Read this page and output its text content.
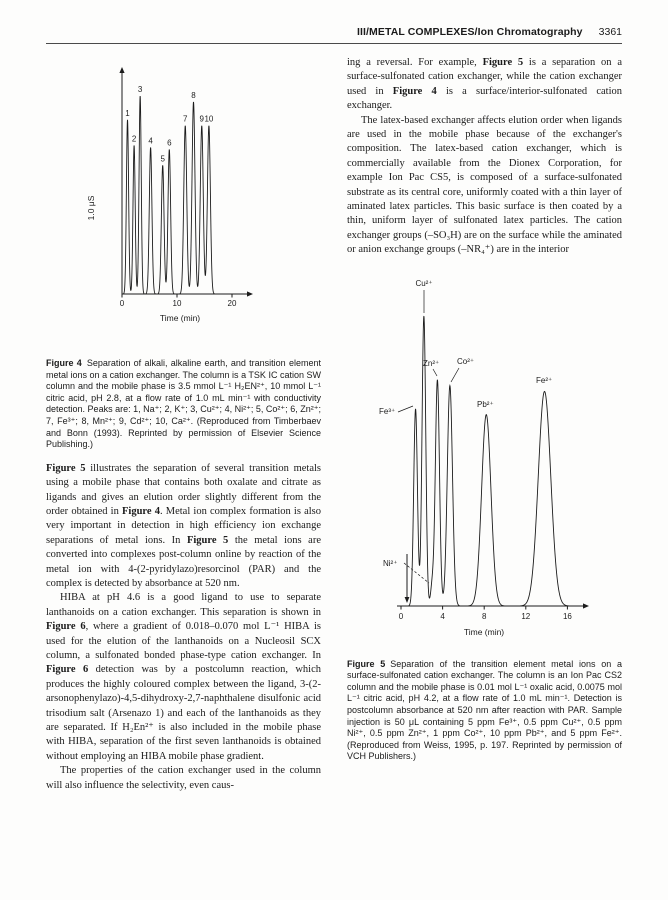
III/METAL COMPLEXES/Ion Chromatography 3361
0	10	20
Time (min)
1.0 μS
1
2
3
4
5
6
7
8
9 10
Figure 4 Separation of alkali, alkaline earth, and transition element metal ions on a cation exchanger. The column is a TSK IC cation SW column and the mobile phase is 3.5 mmol L⁻¹ H₂EN²⁺, 10 mmol L⁻¹ citric acid, pH 2.8, at a flow rate of 1.0 mL min⁻¹ with conductivity detection. Peaks are: 1, Na⁺; 2, K⁺; 3, Cu²⁺; 4, Ni²⁺; 5, Co²⁺; 6, Zn²⁺; 7, Fe³⁺; 8, Mn²⁺; 9, Cd²⁺; 10, Ca²⁺. (Reproduced from Timberbaev and Bonn (1993). Reprinted by permission of Elsevier Science Publishing.)

Figure 5 illustrates the separation of several transition metals using a mobile phase that contains both oxalate and citrate as ligands and gives an elution order slightly different from the order obtained in Figure 4. Metal ion complex formation is also very important in detection in high efficiency ion exchange separations of metal ions. In Figure 5 the metal ions are converted into complexes post-column online by reaction of the metal ion with 4-(2-pyridylazo)resorcinol (PAR) and the complex is detected by absorbance at 520 nm.

HIBA at pH 4.6 is a good ligand to use to separate lanthanoids on a cation exchanger. This separation is shown in Figure 6, where a gradient of 0.018–0.070 mol L⁻¹ HIBA is used for the elution of the lanthanoids on a Nucleosil SCX column, a sulfonated bonded phase-type cation exchanger. In Figure 6 detection was by a postcolumn reaction, which produces the highly coloured complex between the ligand, 3-(2-arsonophenylazo)-4,5-dihydroxy-2,7-naphthalene disulfonic acid trisodium salt (Arsenazo 1) and each of the lanthanoids as they are separated. If H₂En²⁺ is also included in the mobile phase with HIBA, separation of the first seven lanthanoids is obtained without employing an HIBA mobile phase gradient.

The properties of the cation exchanger used in the column will also influence the selectivity, even caus-

ing a reversal. For example, Figure 5 is a separation on a surface-sulfonated cation exchanger, while the cation exchanger used in Figure 4 is a surface/interior-sulfonated cation exchanger.

The latex-based exchanger affects elution order when ligands are used in the mobile phase because of the exchanger's composition. The latex-based cation exchanger, which is commercially available from the Dionex Corporation, for example Ion Pac CS5, is composed of a surface-sulfonated substrate as its central core, uniformly coated with a thin layer of aminated latex particles. This basic surface is then coated by a thin, uniform layer of sulfonated latex particles. The cation exchanger groups (–SO₃H) are on the surface while the aminated or anion exchange groups (–NR₄⁺) are in the interior

0	4	8	12	16
Time (min)
Fe³⁺
Cu²⁺
Ni²⁺
Zn²⁺ Co²⁺
Pb²⁺
Fe²⁺
Figure 5 Separation of the transition element metal ions on a surface-sulfonated cation exchanger. The column is an Ion Pac CS2 column and the mobile phase is 0.01 mol L⁻¹ oxalic acid, 0.0075 mol L⁻¹ citric acid, pH 4.2, at a flow rate of 1.0 mL min⁻¹. Detection is postcolumn absorbance at 520 nm after reaction with PAR. Sample injection is 50 μL containing 5 ppm Fe³⁺, 0.5 ppm Cu²⁺, 0.5 ppm Ni²⁺, 0.5 ppm Zn²⁺, 1 ppm Co²⁺, 10 ppm Pb²⁺, and 5 ppm Fe²⁺. (Reproduced from Weiss, 1995, p. 197. Reprinted by permission of VCH Publishers.)
